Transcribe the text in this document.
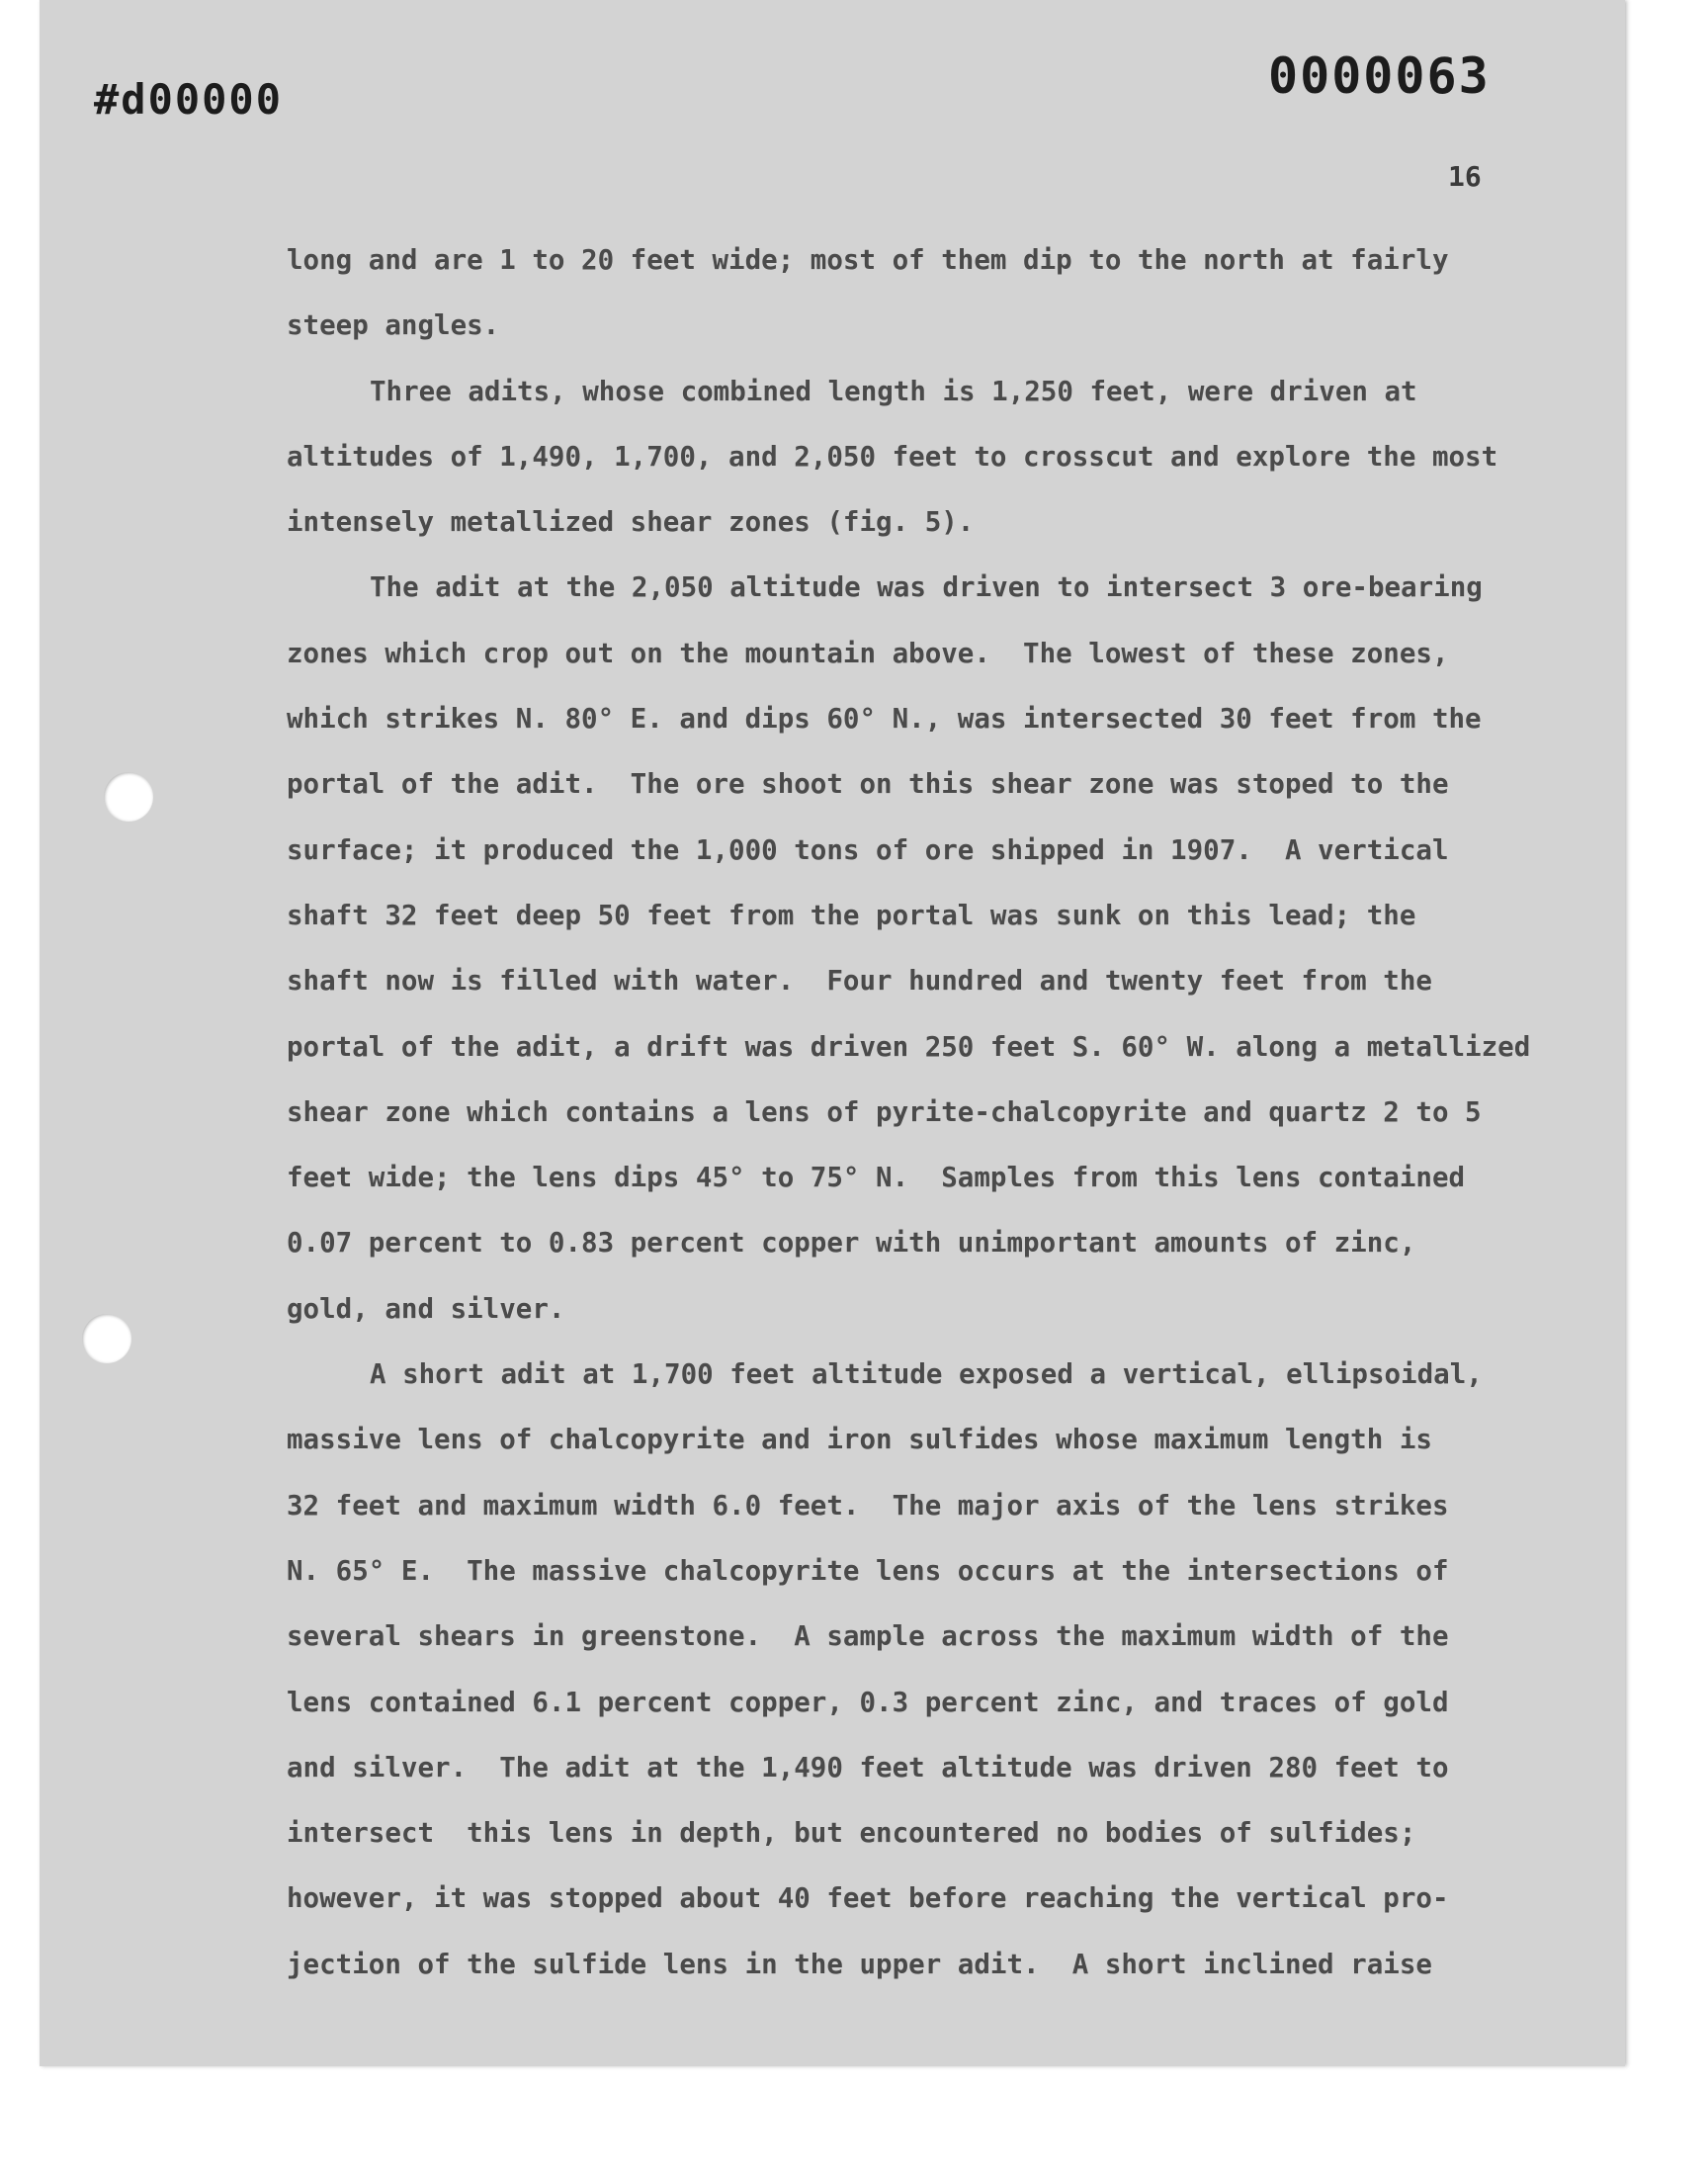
#d00000	0000063
16
long and are 1 to 20 feet wide; most of them dip to the north at fairly
steep angles.
Three adits, whose combined length is 1,250 feet, were driven at
altitudes of 1,490, 1,700, and 2,050 feet to crosscut and explore the most
intensely metallized shear zones (fig. 5).
The adit at the 2,050 altitude was driven to intersect 3 ore-bearing
zones which crop out on the mountain above.  The lowest of these zones,
which strikes N. 80° E. and dips 60° N., was intersected 30 feet from the
portal of the adit.  The ore shoot on this shear zone was stoped to the
surface; it produced the 1,000 tons of ore shipped in 1907.  A vertical
shaft 32 feet deep 50 feet from the portal was sunk on this lead; the
shaft now is filled with water.  Four hundred and twenty feet from the
portal of the adit, a drift was driven 250 feet S. 60° W. along a metallized
shear zone which contains a lens of pyrite-chalcopyrite and quartz 2 to 5
feet wide; the lens dips 45° to 75° N.  Samples from this lens contained
0.07 percent to 0.83 percent copper with unimportant amounts of zinc,
gold, and silver.
A short adit at 1,700 feet altitude exposed a vertical, ellipsoidal,
massive lens of chalcopyrite and iron sulfides whose maximum length is
32 feet and maximum width 6.0 feet.  The major axis of the lens strikes
N. 65° E.  The massive chalcopyrite lens occurs at the intersections of
several shears in greenstone.  A sample across the maximum width of the
lens contained 6.1 percent copper, 0.3 percent zinc, and traces of gold
and silver.  The adit at the 1,490 feet altitude was driven 280 feet to
intersect  this lens in depth, but encountered no bodies of sulfides;
however, it was stopped about 40 feet before reaching the vertical pro-
jection of the sulfide lens in the upper adit.  A short inclined raise
